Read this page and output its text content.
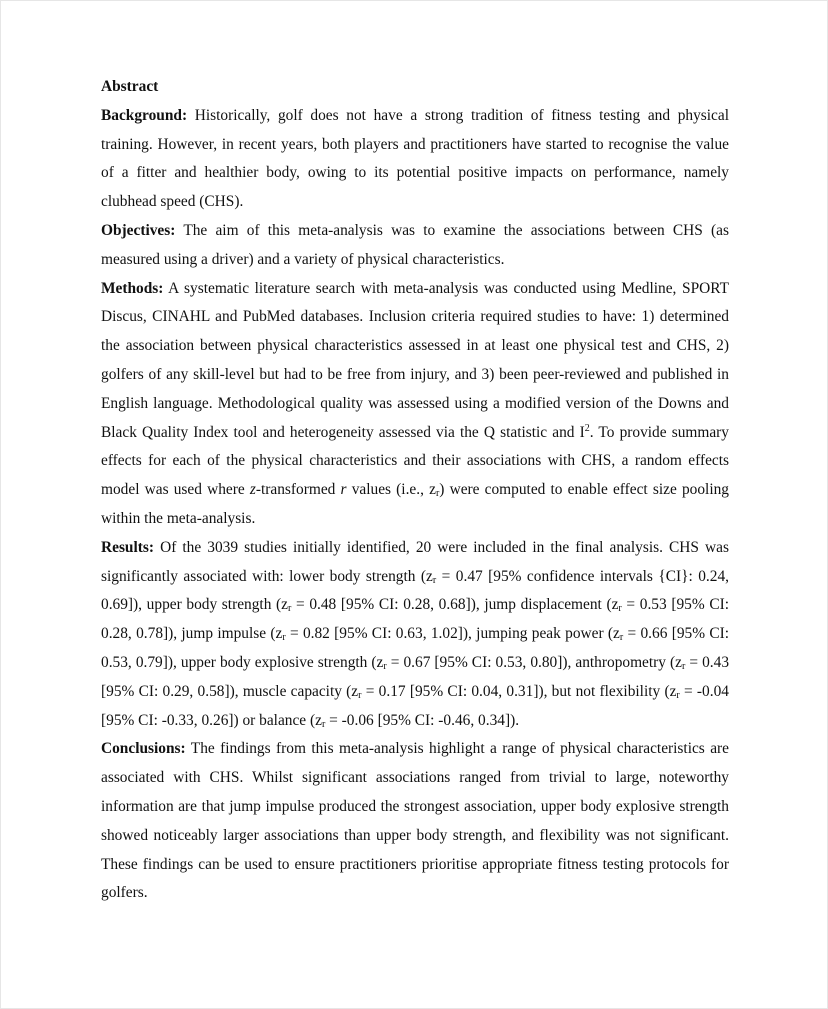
Abstract

Background: Historically, golf does not have a strong tradition of fitness testing and physical training. However, in recent years, both players and practitioners have started to recognise the value of a fitter and healthier body, owing to its potential positive impacts on performance, namely clubhead speed (CHS).

Objectives: The aim of this meta-analysis was to examine the associations between CHS (as measured using a driver) and a variety of physical characteristics.

Methods: A systematic literature search with meta-analysis was conducted using Medline, SPORT Discus, CINAHL and PubMed databases. Inclusion criteria required studies to have: 1) determined the association between physical characteristics assessed in at least one physical test and CHS, 2) golfers of any skill-level but had to be free from injury, and 3) been peer-reviewed and published in English language. Methodological quality was assessed using a modified version of the Downs and Black Quality Index tool and heterogeneity assessed via the Q statistic and $I^2$. To provide summary effects for each of the physical characteristics and their associations with CHS, a random effects model was used where z-transformed r values (i.e., $z_r$) were computed to enable effect size pooling within the meta-analysis.

Results: Of the 3039 studies initially identified, 20 were included in the final analysis. CHS was significantly associated with: lower body strength ($z_r = 0.47$ [95% confidence intervals {CI}: 0.24, 0.69]), upper body strength ($z_r = 0.48$ [95% CI: 0.28, 0.68]), jump displacement ($z_r = 0.53$ [95% CI: 0.28, 0.78]), jump impulse ($z_r = 0.82$ [95% CI: 0.63, 1.02]), jumping peak power ($z_r = 0.66$ [95% CI: 0.53, 0.79]), upper body explosive strength ($z_r = 0.67$ [95% CI: 0.53, 0.80]), anthropometry ($z_r = 0.43$ [95% CI: 0.29, 0.58]), muscle capacity ($z_r = 0.17$ [95% CI: 0.04, 0.31]), but not flexibility ($z_r = -0.04$ [95% CI: -0.33, 0.26]) or balance ($z_r = -0.06$ [95% CI: -0.46, 0.34]).

Conclusions: The findings from this meta-analysis highlight a range of physical characteristics are associated with CHS. Whilst significant associations ranged from trivial to large, noteworthy information are that jump impulse produced the strongest association, upper body explosive strength showed noticeably larger associations than upper body strength, and flexibility was not significant. These findings can be used to ensure practitioners prioritise appropriate fitness testing protocols for golfers.
